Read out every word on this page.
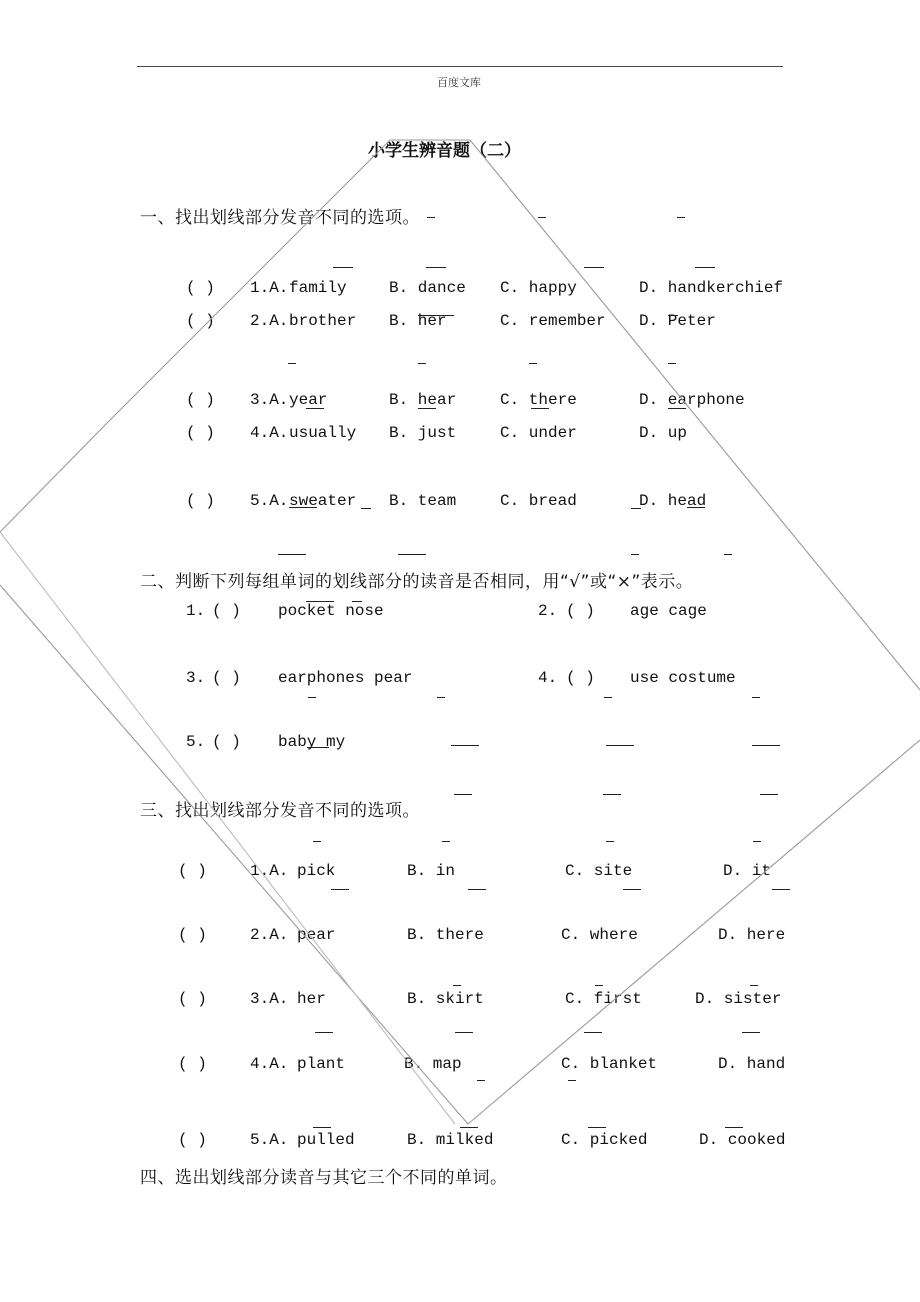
百度文库
小学生辨音题（二）
一、找出划线部分发音不同的选项。
( ) 1.A. family	B. dance C. happy	D. handkerchief
( ) 2.A. brother B. her	C. remember D. Peter
( ) 3.A. year	B. hear	C. there	D. earphone
( ) 4.A. usually B. just	C. under	D. up
( ) 5.A. sweater B. team	C. bread	D. head
二、判断下列每组单词的划线部分的读音是否相同，用“√”或“×”表示。
1. ( ) pocket nose	2. ( ) age cage
3. ( ) earphones pear	4. ( ) use costume
5. ( ) baby my
三、找出划线部分发音不同的选项。
( )	1.A. pick	B. in	C. site	D. it
( )	2.A. pear	B. there	C. where	D. here
( )	3.A. her	B. skirt	C. first	D. sister
( )	4.A. plant	B. map	C. blanket	D. hand
( )	5.A. pulled	B. milked	C. picked	D. cooked
四、选出划线部分读音与其它三个不同的单词。
